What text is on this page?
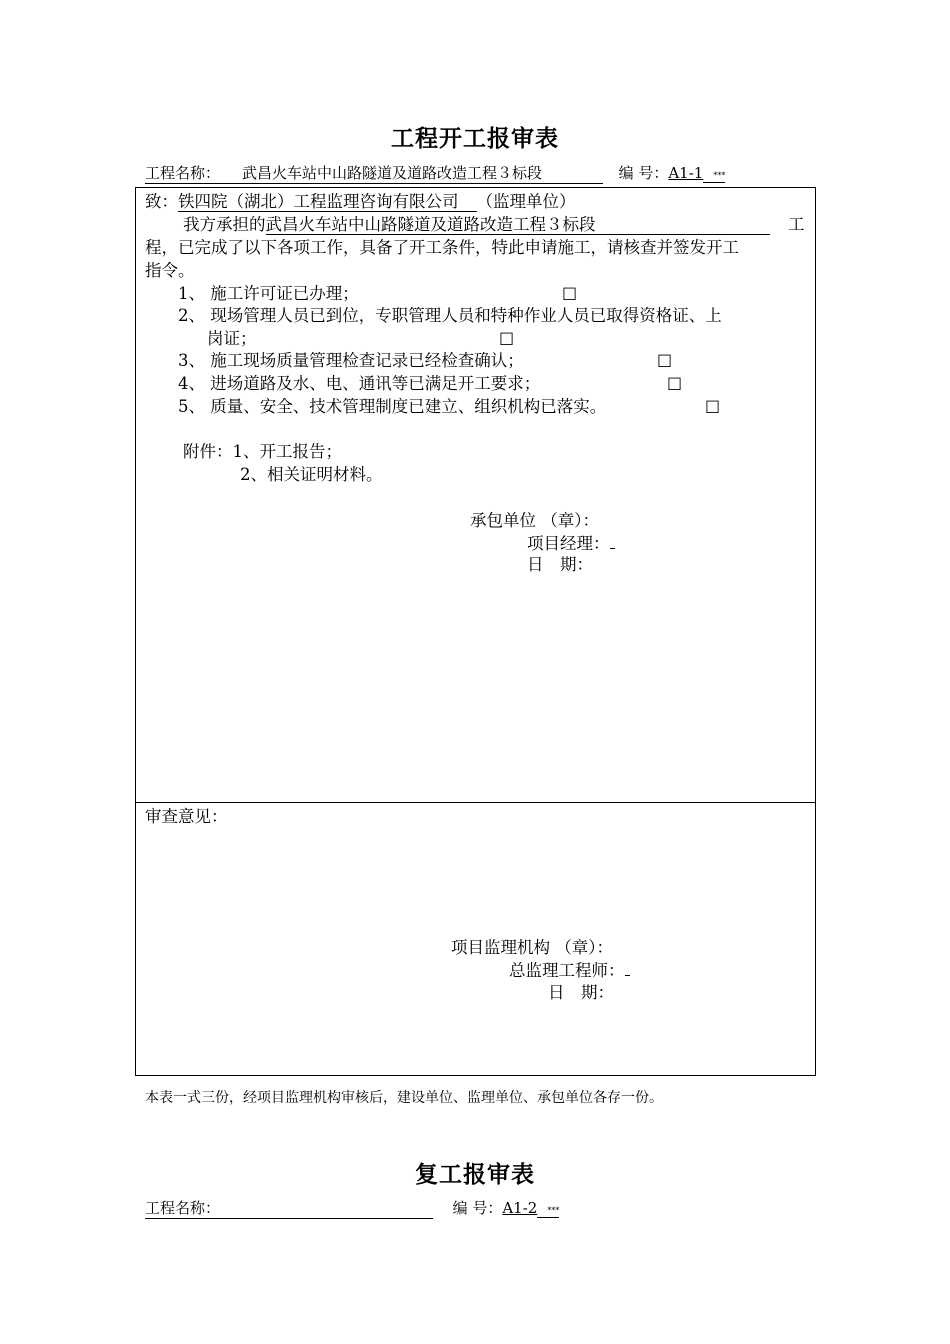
工程开工报审表
工程名称： 武昌火车站中山路隧道及道路改造工程３标段	编 号：A1-1 ***
致：铁四院（湖北）工程监理咨询有限公司 （监理单位）
我方承担的武昌火车站中山路隧道及道路改造工程３标段	工
程，已完成了以下各项工作，具备了开工条件，特此申请施工，请核查并签发开工
指令。
1、 施工许可证已办理；	□
2、 现场管理人员已到位，专职管理人员和特种作业人员已取得资格证、上
岗证；	□
3、 施工现场质量管理检查记录已经检查确认；	□
4、 进场道路及水、电、通讯等已满足开工要求；	□
5、 质量、安全、技术管理制度已建立、组织机构已落实。	□
附件：1、开工报告；
2、相关证明材料。
承包单位 （章）：
项目经理：
日　期：
审查意见：
项目监理机构 （章）：
总监理工程师：
日　期：
本表一式三份，经项目监理机构审核后，建设单位、监理单位、承包单位各存一份。
复工报审表
工程名称：	编 号：A1-2 ***
